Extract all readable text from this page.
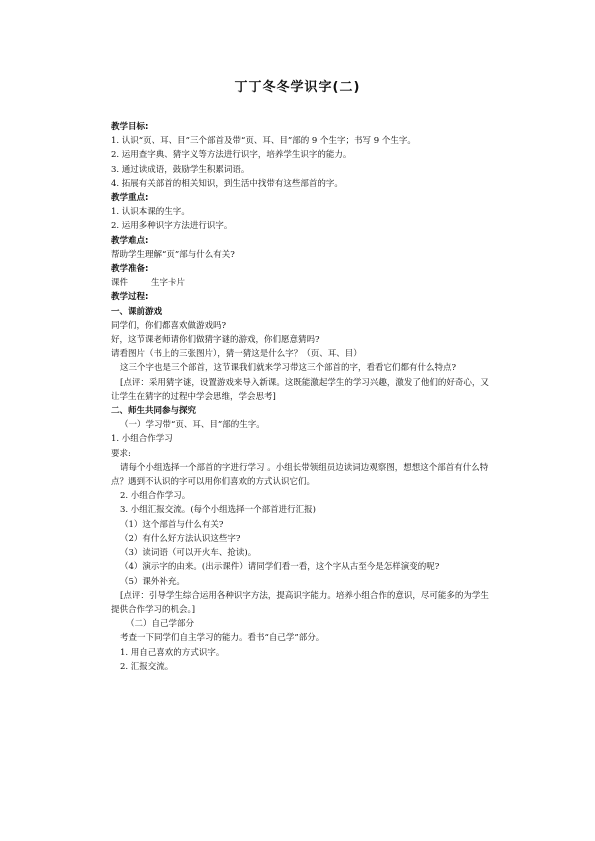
丁丁冬冬学识字(二)
教学目标:
1. 认识“页、耳、目”三个部首及带“页、耳、目”部的 9 个生字；书写 9 个生字。
2. 运用查字典、猜字义等方法进行识字，培养学生识字的能力。
3. 通过读成语，鼓励学生积累词语。
4. 拓展有关部首的相关知识，到生活中找带有这些部首的字。
教学重点:
1. 认识本课的生字。
2. 运用多种识字方法进行识字。
教学难点:
帮助学生理解“页”部与什么有关?
教学准备:
课件	生字卡片
教学过程:
一、课前游戏
同学们，你们都喜欢做游戏吗?
好，这节课老师请你们做猜字谜的游戏，你们愿意猜吗?
请看图片（书上的三张图片），猜一猜这是什么字？（页、耳、目）
这三个字也是三个部首，这节课我们就来学习带这三个部首的字，看看它们都有什么特点?
[点评：采用猜字谜，设置游戏来导入新课。这既能激起学生的学习兴趣，激发了他们的好奇心，又让学生在猜字的过程中学会思维，学会思考]
二、师生共同参与探究
（一）学习带“页、耳、目”部的生字。
1. 小组合作学习
要求:
请每个小组选择一个部首的字进行学习 。小组长带领组员边读词边观察图，想想这个部首有什么特点？遇到不认识的字可以用你们喜欢的方式认识它们。
2. 小组合作学习。
3. 小组汇报交流。(每个小组选择一个部首进行汇报)
（1）这个部首与什么有关?
（2）有什么好方法认识这些字?
（3）读词语（可以开火车、抢读)。
（4）演示字的由来。(出示课件）请同学们看一看，这个字从古至今是怎样演变的呢?
（5）课外补充。
[点评：引导学生综合运用各种识字方法，提高识字能力。培养小组合作的意识，尽可能多的为学生提供合作学习的机会。]
（二）自己学部分
考查一下同学们自主学习的能力。看书“自己学”部分。
1. 用自己喜欢的方式识字。
2. 汇报交流。
